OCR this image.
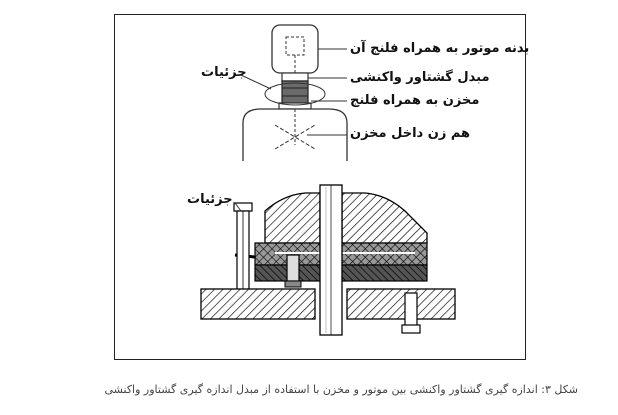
بدنه موتور به همراه فلنج آن
مبدل گشتاور واکنشی
مخزن به همراه فلنج
هم زن داخل مخزن
جزئیات
جزئیات
شکل ۳: اندازه گیری گشتاور واکنشی بین موتور و مخزن با استفاده از مبدل اندازه گیری گشتاور واکنشی
